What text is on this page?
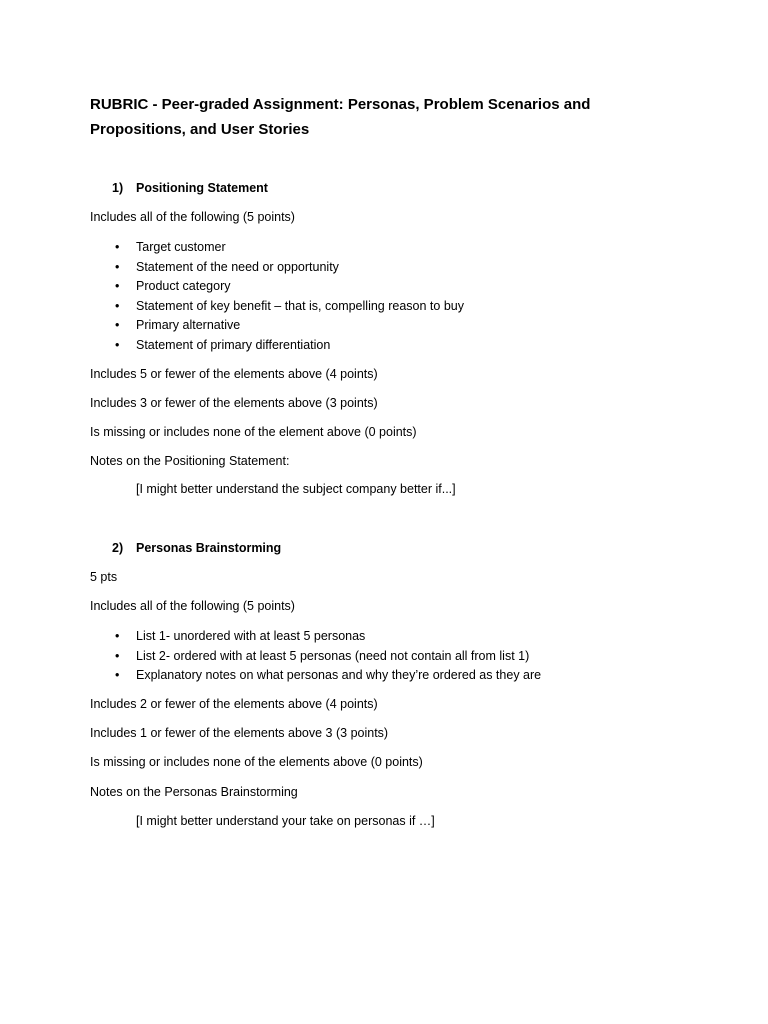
RUBRIC - Peer-graded Assignment: Personas, Problem Scenarios and Propositions, and User Stories
1) Positioning Statement
Includes all of the following (5 points)
• Target customer
• Statement of the need or opportunity
• Product category
• Statement of key benefit – that is, compelling reason to buy
• Primary alternative
• Statement of primary differentiation
Includes 5 or fewer of the elements above (4 points)
Includes 3 or fewer of the elements above (3 points)
Is missing or includes none of the element above (0 points)
Notes on the Positioning Statement:
[I might better understand the subject company better if...]
2) Personas Brainstorming
5 pts
Includes all of the following (5 points)
• List 1- unordered with at least 5 personas
• List 2- ordered with at least 5 personas (need not contain all from list 1)
• Explanatory notes on what personas and why they’re ordered as they are
Includes 2 or fewer of the elements above (4 points)
Includes 1 or fewer of the elements above 3 (3 points)
Is missing or includes none of the elements above (0 points)
Notes on the Personas Brainstorming
[I might better understand your take on personas if …]
